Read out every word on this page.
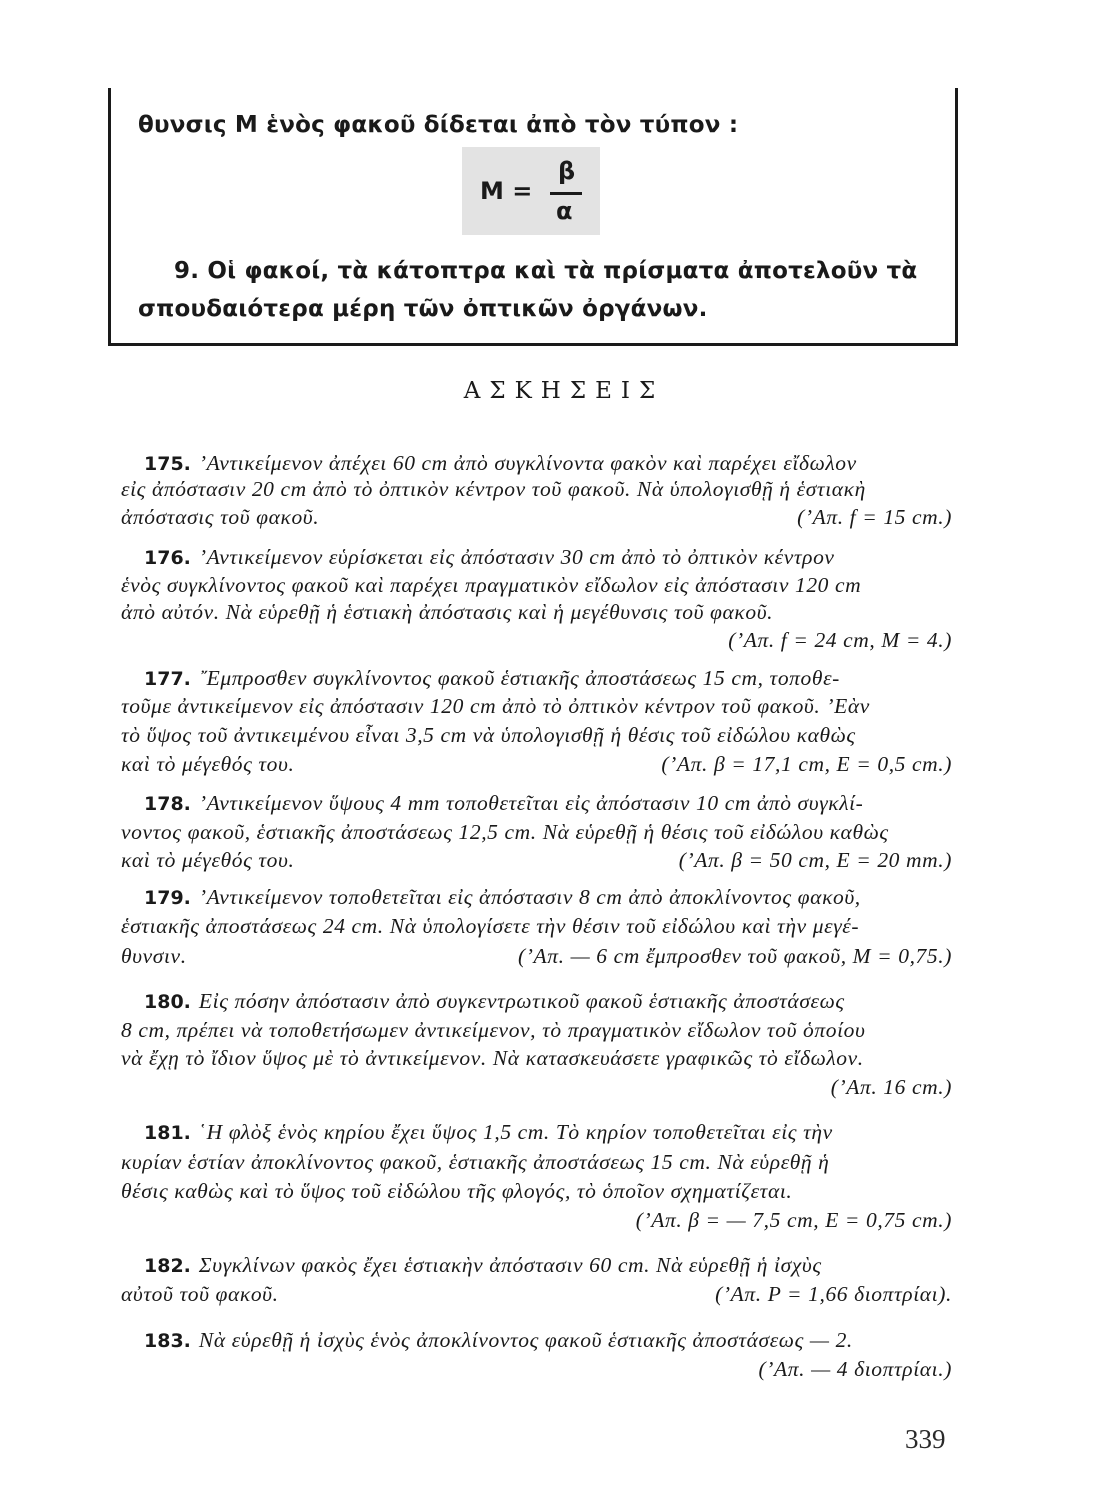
θυνσις Μ ἑνὸς φακοῦ δίδεται ἀπὸ τὸν τύπον :
Μ =
β
α
9. Οἱ φακοί, τὰ κάτοπτρα καὶ τὰ πρίσματα ἀποτελοῦν τὰ
σπουδαιότερα μέρη τῶν ὀπτικῶν ὀργάνων.
ΑΣΚΗΣΕΙΣ
175. ’Αντικείμενον ἀπέχει 60 cm ἀπὸ συγκλίνοντα φακὸν καὶ παρέχει εἴδωλον
εἰς ἀπόστασιν 20 cm ἀπὸ τὸ ὀπτικὸν κέντρον τοῦ φακοῦ. Νὰ ὑπολογισθῇ ἡ ἑστιακὴ
ἀπόστασις τοῦ φακοῦ.	(’Απ. f = 15 cm.)
176. ’Αντικείμενον εὑρίσκεται εἰς ἀπόστασιν 30 cm ἀπὸ τὸ ὀπτικὸν κέντρον
ἑνὸς συγκλίνοντος φακοῦ καὶ παρέχει πραγματικὸν εἴδωλον εἰς ἀπόστασιν 120 cm
ἀπὸ αὐτόν. Νὰ εὑρεθῇ ἡ ἑστιακὴ ἀπόστασις καὶ ἡ μεγέθυνσις τοῦ φακοῦ.
(’Απ. f = 24 cm, M = 4.)
177. ῎Εμπροσθεν συγκλίνοντος φακοῦ ἑστιακῆς ἀποστάσεως 15 cm, τοποθε-
τοῦμε ἀντικείμενον εἰς ἀπόστασιν 120 cm ἀπὸ τὸ ὀπτικὸν κέντρον τοῦ φακοῦ. ’Εὰν
τὸ ὕψος τοῦ ἀντικειμένου εἶναι 3,5 cm νὰ ὑπολογισθῇ ἡ θέσις τοῦ εἰδώλου καθὼς
καὶ τὸ μέγεθός του.	(’Απ. β = 17,1 cm, E = 0,5 cm.)
178. ’Αντικείμενον ὕψους 4 mm τοποθετεῖται εἰς ἀπόστασιν 10 cm ἀπὸ συγκλί-
νοντος φακοῦ, ἑστιακῆς ἀποστάσεως 12,5 cm. Νὰ εὑρεθῇ ἡ θέσις τοῦ εἰδώλου καθὼς
καὶ τὸ μέγεθός του.	(’Απ. β = 50 cm, E = 20 mm.)
179. ’Αντικείμενον τοποθετεῖται εἰς ἀπόστασιν 8 cm ἀπὸ ἀποκλίνοντος φακοῦ,
ἑστιακῆς ἀποστάσεως 24 cm. Νὰ ὑπολογίσετε τὴν θέσιν τοῦ εἰδώλου καὶ τὴν μεγέ-
θυνσιν.	(’Απ. — 6 cm ἔμπροσθεν τοῦ φακοῦ, M = 0,75.)
180. Εἰς πόσην ἀπόστασιν ἀπὸ συγκεντρωτικοῦ φακοῦ ἑστιακῆς ἀποστάσεως
8 cm, πρέπει νὰ τοποθετήσωμεν ἀντικείμενον, τὸ πραγματικὸν εἴδωλον τοῦ ὁποίου
νὰ ἔχῃ τὸ ἴδιον ὕψος μὲ τὸ ἀντικείμενον. Νὰ κατασκευάσετε γραφικῶς τὸ εἴδωλον.
(’Απ. 16 cm.)
181. ῾Η φλὸξ ἑνὸς κηρίου ἔχει ὕψος 1,5 cm. Τὸ κηρίον τοποθετεῖται εἰς τὴν
κυρίαν ἑστίαν ἀποκλίνοντος φακοῦ, ἑστιακῆς ἀποστάσεως 15 cm. Νὰ εὑρεθῇ ἡ
θέσις καθὼς καὶ τὸ ὕψος τοῦ εἰδώλου τῆς φλογός, τὸ ὁποῖον σχηματίζεται.
(’Απ. β = — 7,5 cm, E = 0,75 cm.)
182. Συγκλίνων φακὸς ἔχει ἑστιακὴν ἀπόστασιν 60 cm. Νὰ εὑρεθῇ ἡ ἰσχὺς
αὐτοῦ τοῦ φακοῦ.	(’Απ. P = 1,66 διοπτρίαι).
183. Νὰ εὑρεθῇ ἡ ἰσχὺς ἑνὸς ἀποκλίνοντος φακοῦ ἑστιακῆς ἀποστάσεως — 2.
(’Απ. — 4 διοπτρίαι.)
339
